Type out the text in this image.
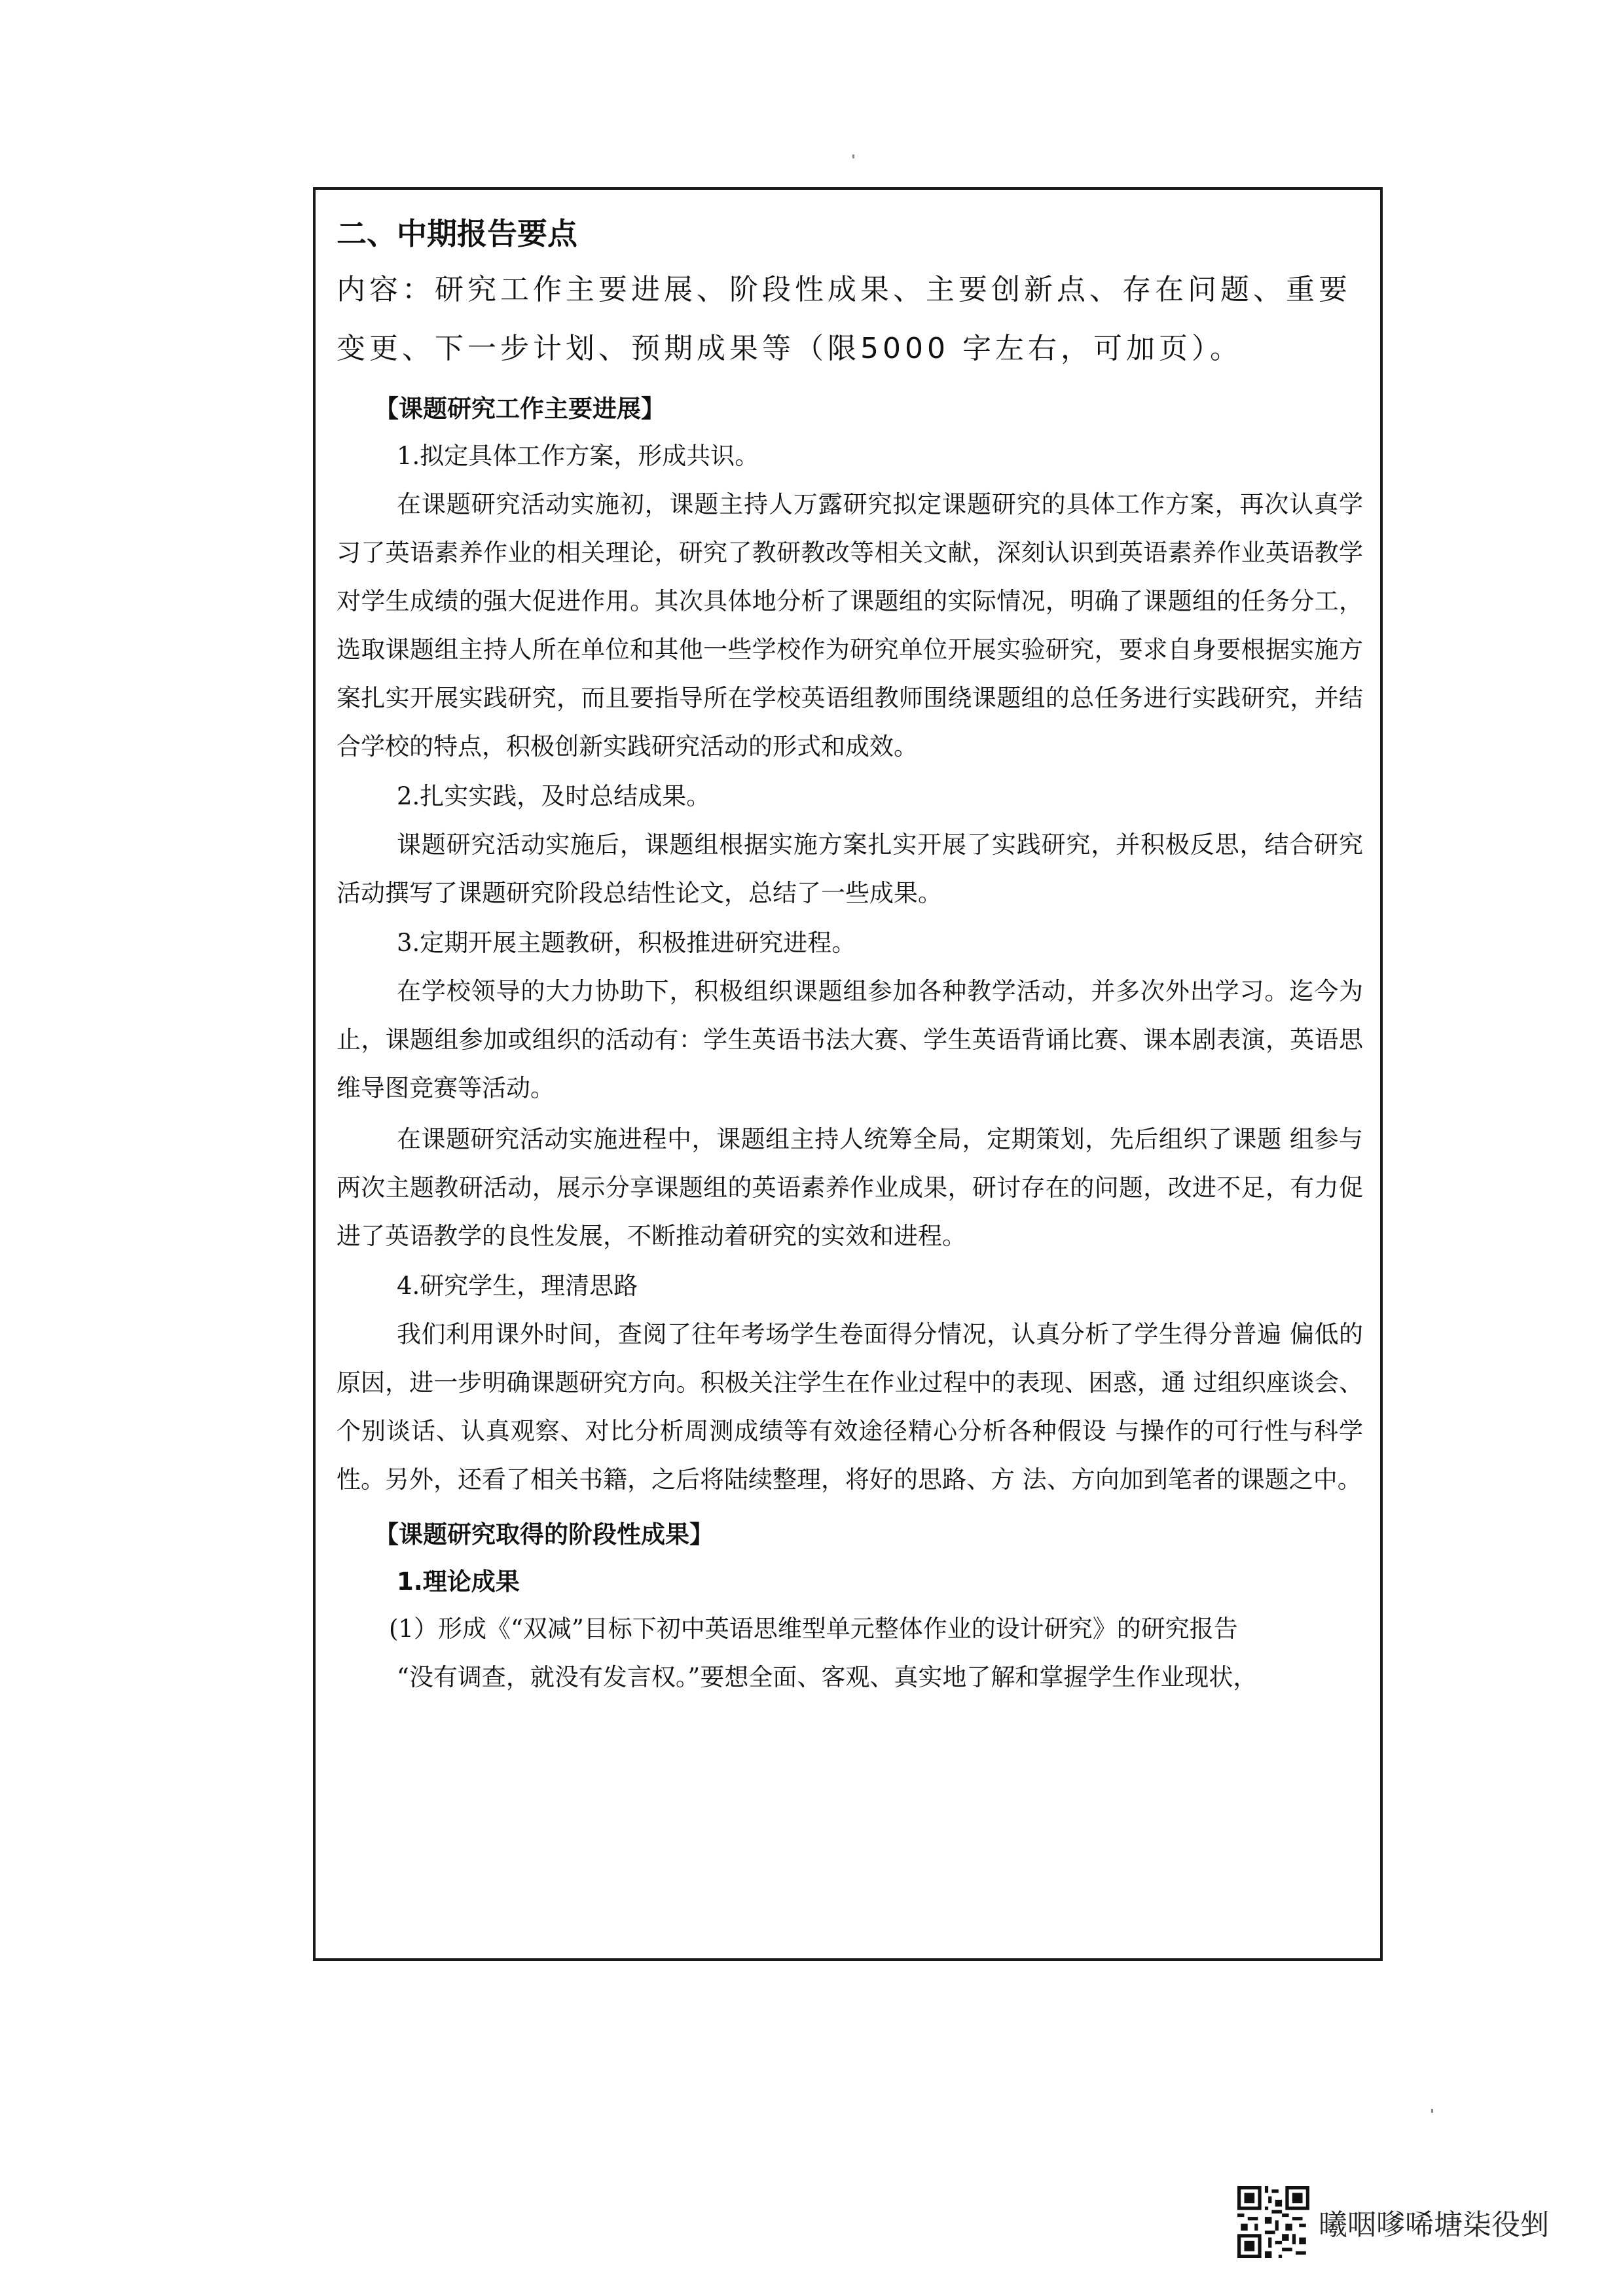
二、中期报告要点

内容：研究工作主要进展、阶段性成果、主要创新点、存在问题、重要变更、下一步计划、预期成果等（限5000 字左右，可加页）。

【课题研究工作主要进展】
1.拟定具体工作方案，形成共识。

在课题研究活动实施初，课题主持人万露研究拟定课题研究的具体工作方案，再次认真学习了英语素养作业的相关理论，研究了教研教改等相关文献，深刻认识到英语素养作业英语教学对学生成绩的强大促进作用。其次具体地分析了课题组的实际情况，明确了课题组的任务分工，选取课题组主持人所在单位和其他一些学校作为研究单位开展实验研究，要求自身要根据实施方案扎实开展实践研究，而且要指导所在学校英语组教师围绕课题组的总任务进行实践研究，并结合学校的特点，积极创新实践研究活动的形式和成效。

2.扎实实践，及时总结成果。

课题研究活动实施后，课题组根据实施方案扎实开展了实践研究，并积极反思，结合研究活动撰写了课题研究阶段总结性论文，总结了一些成果。

3.定期开展主题教研，积极推进研究进程。

在学校领导的大力协助下，积极组织课题组参加各种教学活动，并多次外出学习。迄今为止，课题组参加或组织的活动有：学生英语书法大赛、学生英语背诵比赛、课本剧表演，英语思维导图竞赛等活动。

在课题研究活动实施进程中，课题组主持人统筹全局，定期策划，先后组织了课题 组参与两次主题教研活动，展示分享课题组的英语素养作业成果，研讨存在的问题，改进不足，有力促进了英语教学的良性发展，不断推动着研究的实效和进程。

4.研究学生，理清思路

我们利用课外时间，查阅了往年考场学生卷面得分情况，认真分析了学生得分普遍 偏低的原因，进一步明确课题研究方向。积极关注学生在作业过程中的表现、困惑，通 过组织座谈会、个别谈话、认真观察、对比分析周测成绩等有效途径精心分析各种假设 与操作的可行性与科学性。另外，还看了相关书籍，之后将陆续整理，将好的思路、方 法、方向加到笔者的课题之中。

【课题研究取得的阶段性成果】
1.理论成果
(1）形成《“双减”目标下初中英语思维型单元整体作业的设计研究》的研究报告

“没有调查，就没有发言权。”要想全面、客观、真实地了解和掌握学生作业现状，

曦咽嗲唏塘柒役剉
